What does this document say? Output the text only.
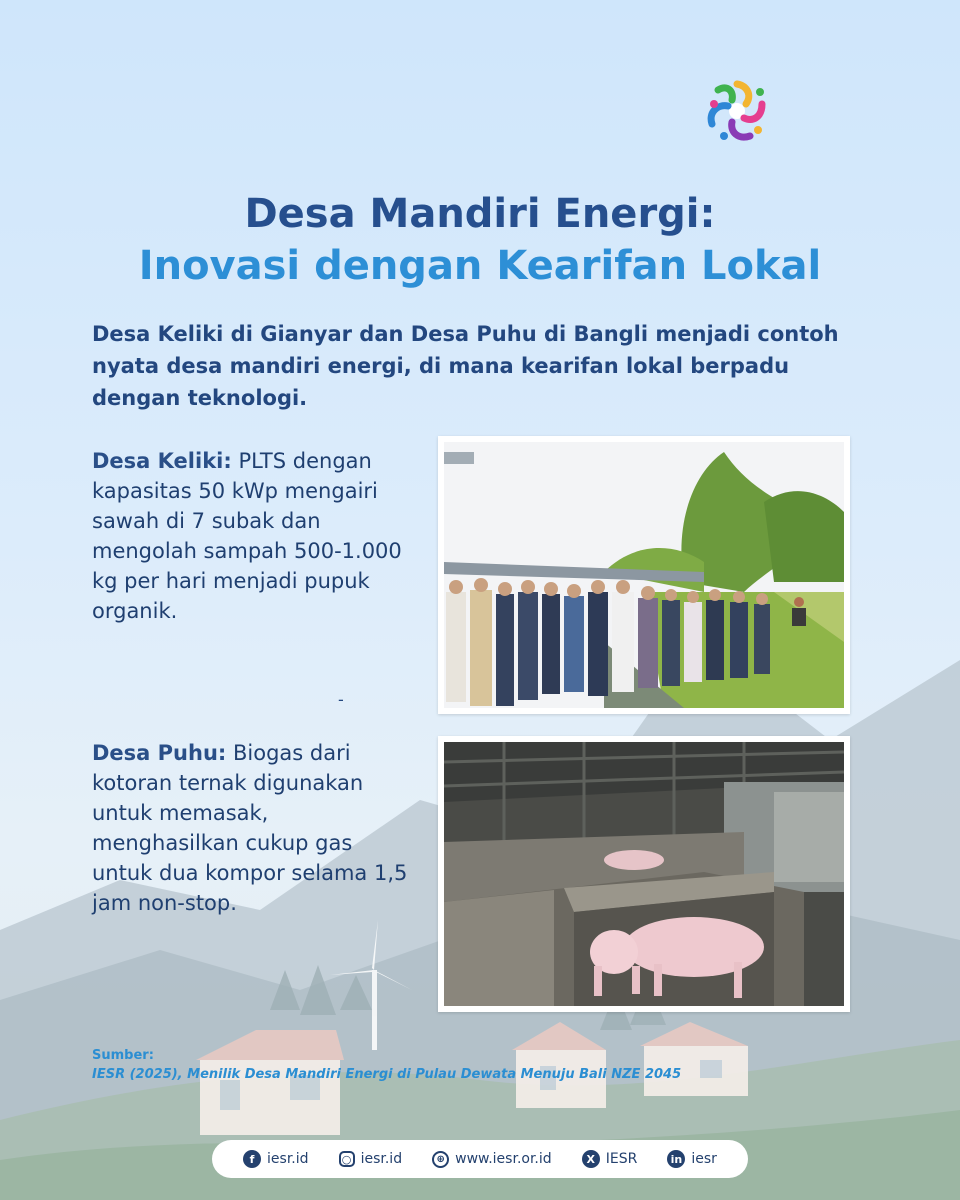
Desa Mandiri Energi:
Inovasi dengan Kearifan Lokal

Desa Keliki di Gianyar dan Desa Puhu di Bangli menjadi contoh nyata desa mandiri energi, di mana kearifan lokal berpadu dengan teknologi.

Desa Keliki: PLTS dengan kapasitas 50 kWp mengairi sawah di 7 subak dan mengolah sampah 500-1.000 kg per hari menjadi pupuk organik.

-

Desa Puhu: Biogas dari kotoran ternak digunakan untuk memasak, menghasilkan cukup gas untuk dua kompor selama 1,5 jam non-stop.

Sumber:
IESR (2025), Menilik Desa Mandiri Energi di Pulau Dewata Menuju Bali NZE 2045
f iesr.id	○ iesr.id	⊕ www.iesr.or.id	X IESR	in iesr
